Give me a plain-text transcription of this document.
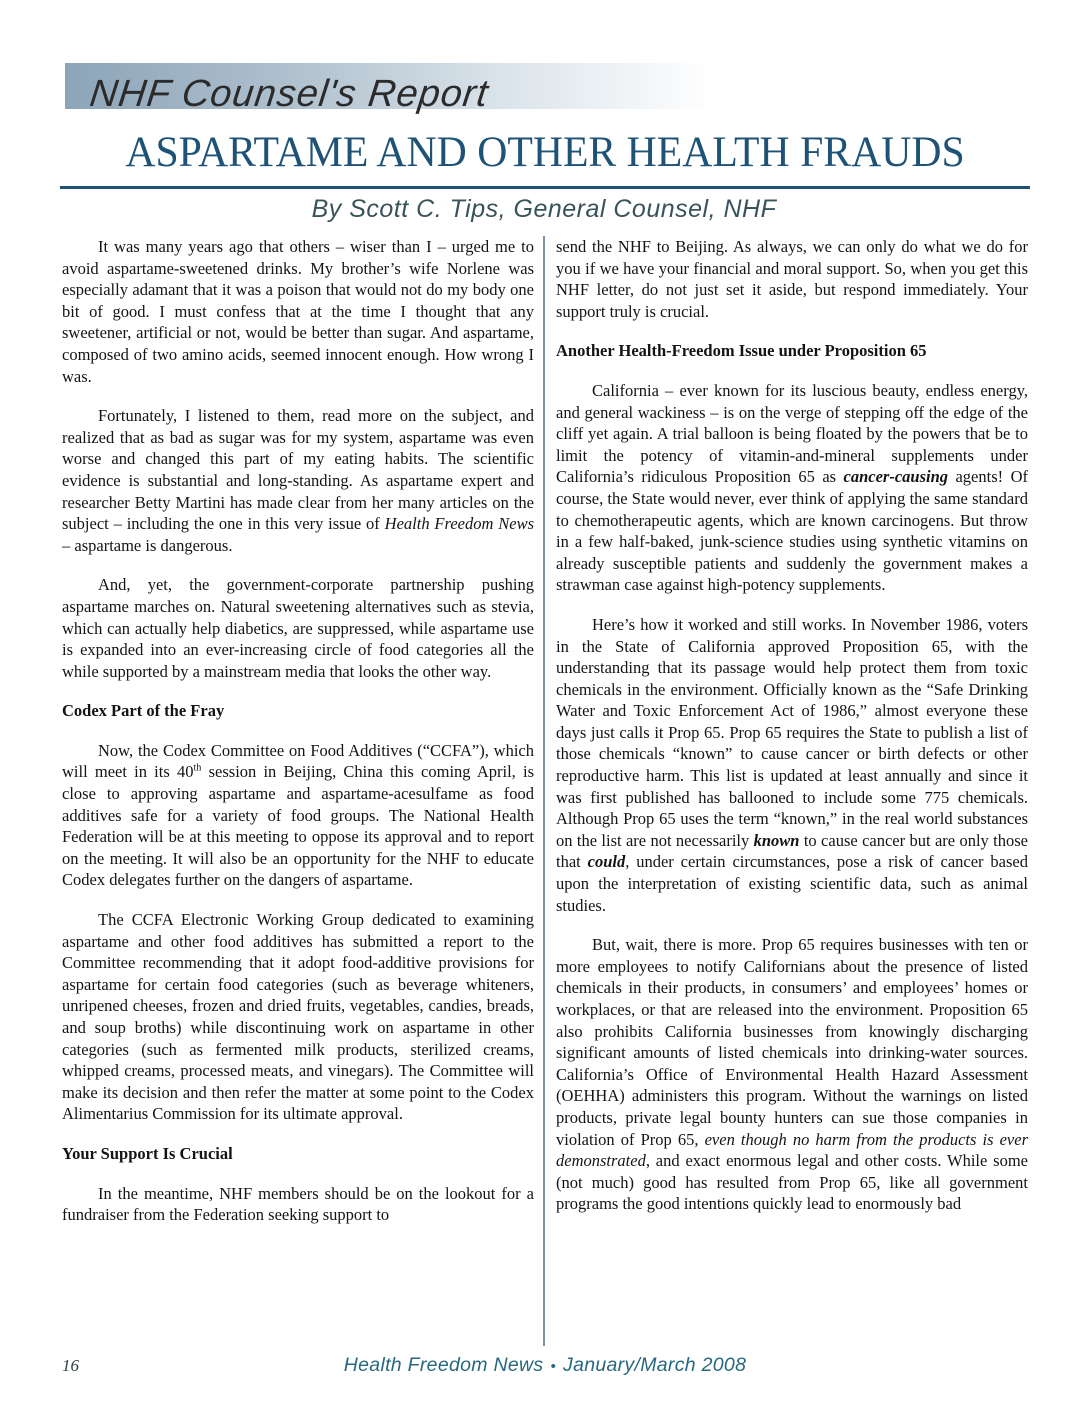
NHF Counsel's Report
ASPARTAME AND OTHER HEALTH FRAUDS
By Scott C. Tips, General Counsel, NHF

It was many years ago that others – wiser than I – urged me to avoid aspartame-sweetened drinks. My brother’s wife Norlene was especially adamant that it was a poison that would not do my body one bit of good. I must confess that at the time I thought that any sweetener, artificial or not, would be better than sugar. And aspartame, composed of two amino acids, seemed innocent enough. How wrong I was.

Fortunately, I listened to them, read more on the subject, and realized that as bad as sugar was for my system, aspartame was even worse and changed this part of my eating habits. The scientific evidence is substantial and long-standing. As aspartame expert and researcher Betty Martini has made clear from her many articles on the subject – including the one in this very issue of Health Freedom News – aspartame is dangerous.

And, yet, the government-corporate partnership pushing aspartame marches on. Natural sweetening alternatives such as stevia, which can actually help diabetics, are suppressed, while aspartame use is expanded into an ever-increasing circle of food categories all the while supported by a mainstream media that looks the other way.

Codex Part of the Fray

Now, the Codex Committee on Food Additives (“CCFA”), which will meet in its 40th session in Beijing, China this coming April, is close to approving aspartame and aspartame-acesulfame as food additives safe for a variety of food groups. The National Health Federation will be at this meeting to oppose its approval and to report on the meeting. It will also be an opportunity for the NHF to educate Codex delegates further on the dangers of aspartame.

The CCFA Electronic Working Group dedicated to examining aspartame and other food additives has submitted a report to the Committee recommending that it adopt food-additive provisions for aspartame for certain food categories (such as beverage whiteners, unripened cheeses, frozen and dried fruits, vegetables, candies, breads, and soup broths) while discontinuing work on aspartame in other categories (such as fermented milk products, sterilized creams, whipped creams, processed meats, and vinegars). The Committee will make its decision and then refer the matter at some point to the Codex Alimentarius Commission for its ultimate approval.

Your Support Is Crucial

In the meantime, NHF members should be on the lookout for a fundraiser from the Federation seeking support to

send the NHF to Beijing. As always, we can only do what we do for you if we have your financial and moral support. So, when you get this NHF letter, do not just set it aside, but respond immediately. Your support truly is crucial.

Another Health-Freedom Issue under Proposition 65

California – ever known for its luscious beauty, endless energy, and general wackiness – is on the verge of stepping off the edge of the cliff yet again. A trial balloon is being floated by the powers that be to limit the potency of vitamin-and-mineral supplements under California’s ridiculous Proposition 65 as cancer-causing agents! Of course, the State would never, ever think of applying the same standard to chemotherapeutic agents, which are known carcinogens. But throw in a few half-baked, junk-science studies using synthetic vitamins on already susceptible patients and suddenly the government makes a strawman case against high-potency supplements.

Here’s how it worked and still works. In November 1986, voters in the State of California approved Proposition 65, with the understanding that its passage would help protect them from toxic chemicals in the environment. Officially known as the “Safe Drinking Water and Toxic Enforcement Act of 1986,” almost everyone these days just calls it Prop 65. Prop 65 requires the State to publish a list of those chemicals “known” to cause cancer or birth defects or other reproductive harm. This list is updated at least annually and since it was first published has ballooned to include some 775 chemicals. Although Prop 65 uses the term “known,” in the real world substances on the list are not necessarily known to cause cancer but are only those that could, under certain circumstances, pose a risk of cancer based upon the interpretation of existing scientific data, such as animal studies.

But, wait, there is more. Prop 65 requires businesses with ten or more employees to notify Californians about the presence of listed chemicals in their products, in consumers’ and employees’ homes or workplaces, or that are released into the environment. Proposition 65 also prohibits California businesses from knowingly discharging significant amounts of listed chemicals into drinking-water sources. California’s Office of Environmental Health Hazard Assessment (OEHHA) administers this program. Without the warnings on listed products, private legal bounty hunters can sue those companies in violation of Prop 65, even though no harm from the products is ever demonstrated, and exact enormous legal and other costs. While some (not much) good has resulted from Prop 65, like all government programs the good intentions quickly lead to enormously bad

16	Health Freedom News • January/March 2008
